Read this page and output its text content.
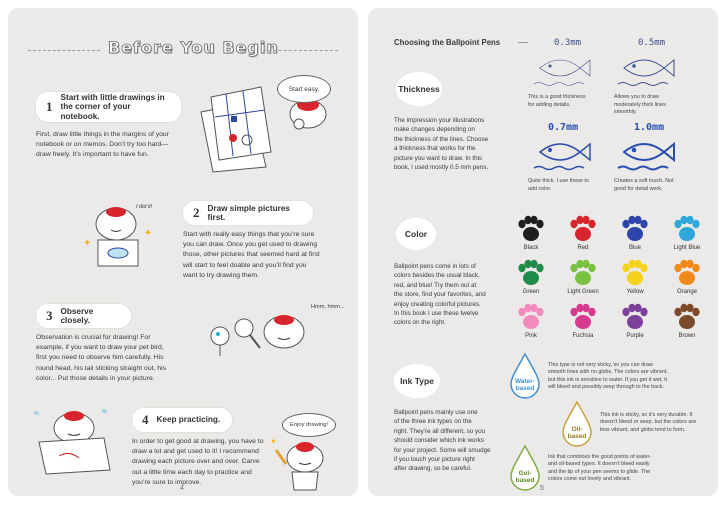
Before You Begin
1
Start with little drawings in
the corner of your notebook.
First, draw little things in the margins of your
notebook or on memos. Don’t try too hard—
draw freely. It’s important to have fun.
Start easy.
✦
✦
I did it!	2 Draw simple pictures first.
Start with really easy things that you’re sure
you can draw. Once you get used to drawing
those, other pictures that seemed hard at first
will start to feel doable and you’ll find you
want to try drawing them.
3 Observe closely.
Observation is crucial for drawing! For
example, if you want to draw your pet bird,
first you need to observe him carefully. His
round head, his tail sticking straight out, his
color... Put those details in your picture.
Hmm, hmm...
≈	≈
4 Keep practicing.
In order to get good at drawing, you have to
draw a lot and get used to it! I recommend
drawing each picture over and over. Carve
out a little time each day to practice and
you’re sure to improve.
Enjoy drawing!
✦
4
Choosing the Ballpoint Pens
Thickness
The impression your illustrations
make changes depending on
the thickness of the lines. Choose
a thickness that works for the
picture you want to draw. In this
book, I used mostly 0.5 mm pens.
0.3mm
This is a good thickness
for adding details.
0.5mm
Allows you to draw
moderately thick lines
smoothly.
0.7mm
Quite thick. I use these to
add color.
1.0mm
Creates a soft touch. Not
good for detail work.
Color
Ballpoint pens come in lots of
colors besides the usual black,
red, and blue! Try them out at
the store, find your favorites, and
enjoy creating colorful pictures.
In this book I use these twelve
colors on the right.
Black	Red	Blue	Light Blue
Green	Light Green	Yellow	Orange
Pink	Fuchsia	Purple	Brown
Ink Type
Ballpoint pens mainly use one
of the three ink types on the
right. They’re all different, so you
should consider which ink works
for your project. Some will smudge
if you touch your picture right
after drawing, so be careful.
Water-
based
This type is not very sticky, so you can draw
smooth lines with no globs. The colors are vibrant,
but this ink is sensitive to water. If you get it wet, it
will bleed and possibly seep through to the back.
Oil-
based
This ink is sticky, so it’s very durable. It
doesn’t bleed or seep, but the colors are
less vibrant, and globs tend to form.
Gel-
based
Ink that combines the good points of water-
and oil-based types. It doesn’t bleed easily
and the tip of your pen seems to glide. The
colors come out lovely and vibrant.
5
